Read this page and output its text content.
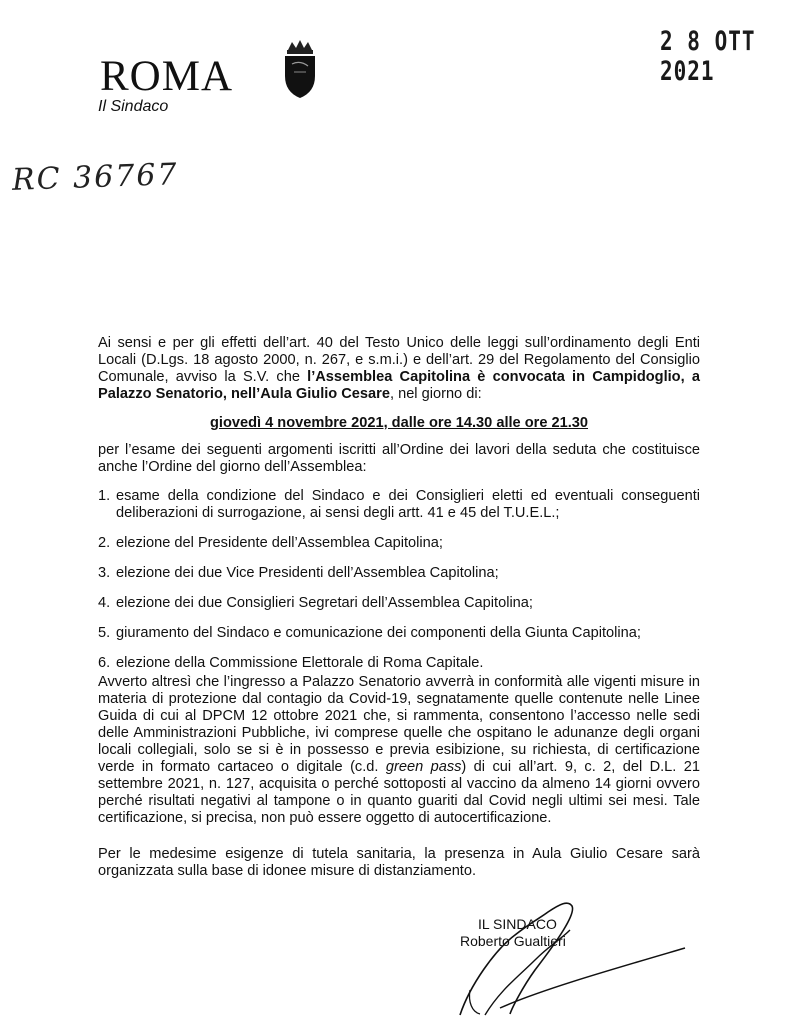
2 8 OTT 2021
ROMA
Il Sindaco
RC 36767
Ai sensi e per gli effetti dell’art. 40 del Testo Unico delle leggi sull’ordinamento degli Enti Locali (D.Lgs. 18 agosto 2000, n. 267, e s.m.i.) e dell’art. 29 del Regolamento del Consiglio Comunale, avviso la S.V. che l’Assemblea Capitolina è convocata in Campidoglio, a Palazzo Senatorio, nell’Aula Giulio Cesare, nel giorno di:
giovedì 4 novembre 2021, dalle ore 14.30 alle ore 21.30
per l’esame dei seguenti argomenti iscritti all’Ordine dei lavori della seduta che costituisce anche l’Ordine del giorno dell’Assemblea:
1. esame della condizione del Sindaco e dei Consiglieri eletti ed eventuali conseguenti deliberazioni di surrogazione, ai sensi degli artt. 41 e 45 del T.U.E.L.;
2. elezione del Presidente dell’Assemblea Capitolina;
3. elezione dei due Vice Presidenti dell’Assemblea Capitolina;
4. elezione dei due Consiglieri Segretari dell’Assemblea Capitolina;
5. giuramento del Sindaco e comunicazione dei componenti della Giunta Capitolina;
6. elezione della Commissione Elettorale di Roma Capitale.
Avverto altresì che l’ingresso a Palazzo Senatorio avverrà in conformità alle vigenti misure in materia di protezione dal contagio da Covid-19, segnatamente quelle contenute nelle Linee Guida di cui al DPCM 12 ottobre 2021 che, si rammenta, consentono l’accesso nelle sedi delle Amministrazioni Pubbliche, ivi comprese quelle che ospitano le adunanze degli organi locali collegiali, solo se si è in possesso e previa esibizione, su richiesta, di certificazione verde in formato cartaceo o digitale (c.d. green pass) di cui all’art. 9, c. 2, del D.L. 21 settembre 2021, n. 127, acquisita o perché sottoposti al vaccino da almeno 14 giorni ovvero perché risultati negativi al tampone o in quanto guariti dal Covid negli ultimi sei mesi. Tale certificazione, si precisa, non può essere oggetto di autocertificazione.
Per le medesime esigenze di tutela sanitaria, la presenza in Aula Giulio Cesare sarà organizzata sulla base di idonee misure di distanziamento.
IL SINDACO
Roberto Gualtieri
